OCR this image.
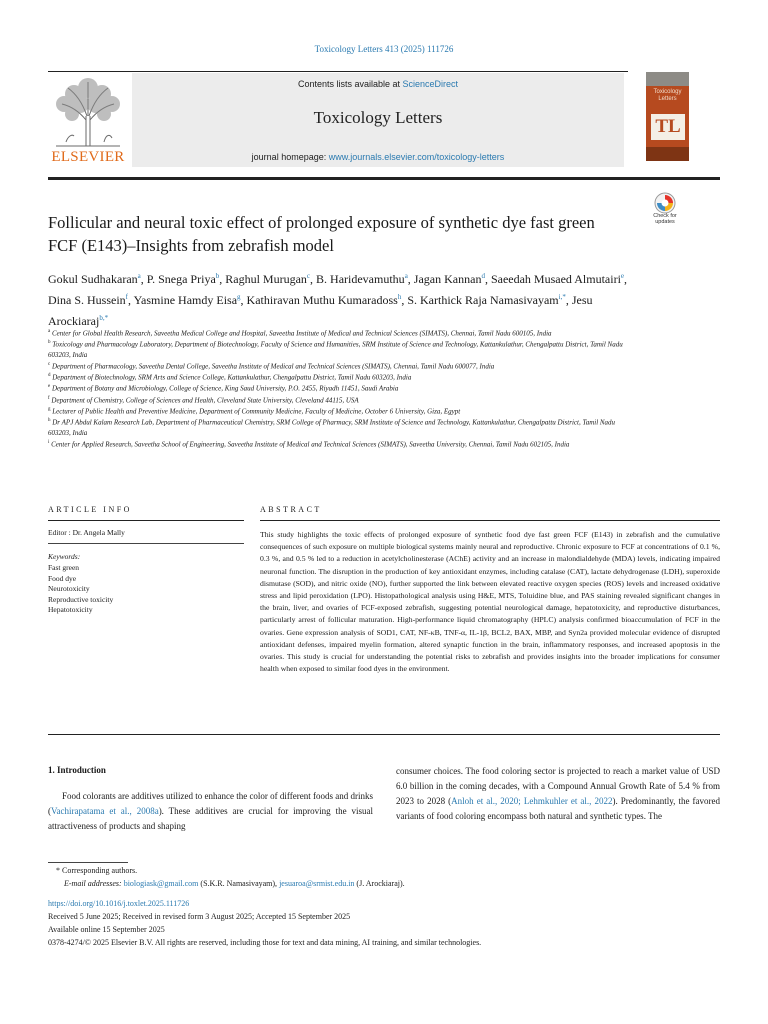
Toxicology Letters 413 (2025) 111726
ELSEVIER
Contents lists available at ScienceDirect
Toxicology Letters
journal homepage: www.journals.elsevier.com/toxicology-letters
Toxicology Letters
TL
Follicular and neural toxic effect of prolonged exposure of synthetic dye fast green FCF (E143)–Insights from zebrafish model
Check for updates
Gokul Sudhakaran$^a$, P. Snega Priya$^b$, Raghul Murugan$^c$, B. Haridevamuthu$^a$, Jagan Kannan$^d$, Saeedah Musaed Almutairi$^e$, Dina S. Hussein$^f$, Yasmine Hamdy Eisa$^g$, Kathiravan Muthu Kumaradoss$^h$, S. Karthick Raja Namasivayam$^{i,*}$, Jesu Arockiaraj$^{b,*}$
$^a$ Center for Global Health Research, Saveetha Medical College and Hospital, Saveetha Institute of Medical and Technical Sciences (SIMATS), Chennai, Tamil Nadu 600105, India
$^b$ Toxicology and Pharmacology Laboratory, Department of Biotechnology, Faculty of Science and Humanities, SRM Institute of Science and Technology, Kattankulathur, Chengalpattu District, Tamil Nadu 603203, India
$^c$ Department of Pharmacology, Saveetha Dental College, Saveetha Institute of Medical and Technical Sciences (SIMATS), Chennai, Tamil Nadu 600077, India
$^d$ Department of Biotechnology, SRM Arts and Science College, Kattankulathur, Chengalpattu District, Tamil Nadu 603203, India
$^e$ Department of Botany and Microbiology, College of Science, King Saud University, P.O. 2455, Riyadh 11451, Saudi Arabia
$^f$ Department of Chemistry, College of Sciences and Health, Cleveland State University, Cleveland 44115, USA
$^g$ Lecturer of Public Health and Preventive Medicine, Department of Community Medicine, Faculty of Medicine, October 6 University, Giza, Egypt
$^h$ Dr APJ Abdul Kalam Research Lab, Department of Pharmaceutical Chemistry, SRM College of Pharmacy, SRM Institute of Science and Technology, Kattankulathur, Chengalpattu District, Tamil Nadu 603203, India
$^i$ Center for Applied Research, Saveetha School of Engineering, Saveetha Institute of Medical and Technical Sciences (SIMATS), Saveetha University, Chennai, Tamil Nadu 602105, India
ARTICLE INFO	ABSTRACT
Editor : Dr. Angela Mally
Keywords:
Fast green
Food dye
Neurotoxicity
Reproductive toxicity
Hepatotoxicity
This study highlights the toxic effects of prolonged exposure of synthetic food dye fast green FCF (E143) in zebrafish and the cumulative consequences of such exposure on multiple biological systems mainly neural and reproductive. Chronic exposure to FCF at concentrations of 0.1 %, 0.3 %, and 0.5 % led to a reduction in acetylcholinesterase (AChE) activity and an increase in malondialdehyde (MDA) levels, indicating impaired neuronal function. The disruption in the production of key antioxidant enzymes, including catalase (CAT), lactate dehydrogenase (LDH), superoxide dismutase (SOD), and nitric oxide (NO), further supported the link between elevated reactive oxygen species (ROS) levels and increased oxidative stress and lipid peroxidation (LPO). Histopathological analysis using H&E, MTS, Toluidine blue, and PAS staining revealed significant changes in the brain, liver, and ovaries of FCF-exposed zebrafish, suggesting potential neurological damage, hepatotoxicity, and reproductive disturbances, particularly arrest of follicular maturation. High-performance liquid chromatography (HPLC) analysis confirmed bioaccumulation of FCF in the ovaries. Gene expression analysis of SOD1, CAT, NF-κB, TNF-α, IL-1β, BCL2, BAX, MBP, and Syn2a provided molecular evidence of disrupted antioxidant defenses, impaired myelin formation, altered synaptic function in the brain, inflammatory responses, and increased apoptosis in the ovaries. This study is crucial for understanding the potential risks to zebrafish and provides insights into the broader implications for consumer health when exposed to similar food dyes in the environment.
1. Introduction

Food colorants are additives utilized to enhance the color of different foods and drinks (Vachirapatama et al., 2008a). These additives are crucial for improving the visual attractiveness of products and shaping

consumer choices. The food coloring sector is projected to reach a market value of USD 6.0 billion in the coming decades, with a Compound Annual Growth Rate of 5.4 % from 2023 to 2028 (Anloh et al., 2020; Lehmkuhler et al., 2022). Predominantly, the favored variants of food coloring encompass both natural and synthetic types. The

* Corresponding authors.
E-mail addresses: biologiask@gmail.com (S.K.R. Namasivayam), jesuaroa@srmist.edu.in (J. Arockiaraj).
https://doi.org/10.1016/j.toxlet.2025.111726
Received 5 June 2025; Received in revised form 3 August 2025; Accepted 15 September 2025
Available online 15 September 2025
0378-4274/© 2025 Elsevier B.V. All rights are reserved, including those for text and data mining, AI training, and similar technologies.
